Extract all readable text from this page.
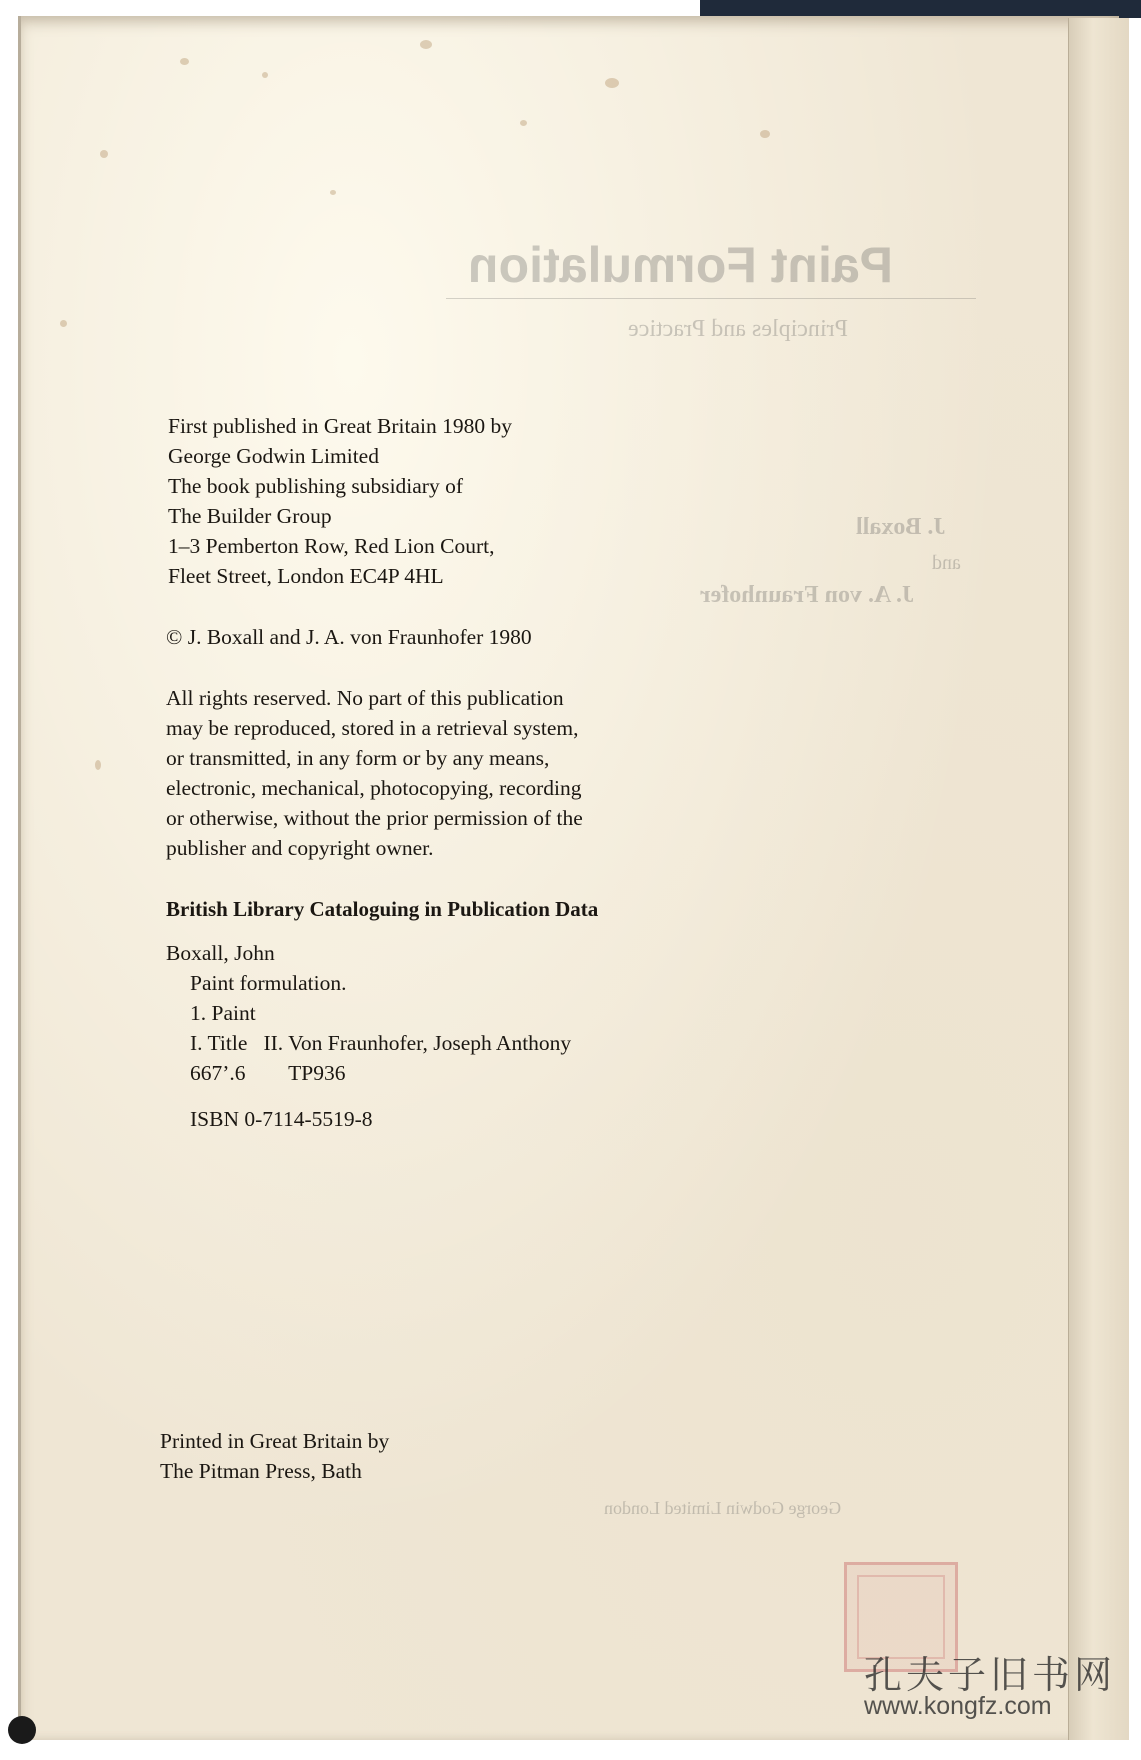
Paint Formulation
Principles and Practice
J. Boxall
and
J. A. von Fraunhofer
George Godwin Limited London
First published in Great Britain 1980 by
George Godwin Limited
The book publishing subsidiary of
The Builder Group
1–3 Pemberton Row, Red Lion Court,
Fleet Street, London EC4P 4HL
© J. Boxall and J. A. von Fraunhofer 1980
All rights reserved. No part of this publication
may be reproduced, stored in a retrieval system,
or transmitted, in any form or by any means,
electronic, mechanical, photocopying, recording
or otherwise, without the prior permission of the
publisher and copyright owner.
British Library Cataloguing in Publication Data
Boxall, John
Paint formulation.
1. Paint
I. Title   II. Von Fraunhofer, Joseph Anthony
667’.6        TP936
ISBN 0-7114-5519-8
Printed in Great Britain by
The Pitman Press, Bath
孔夫子旧书网
www.kongfz.com
